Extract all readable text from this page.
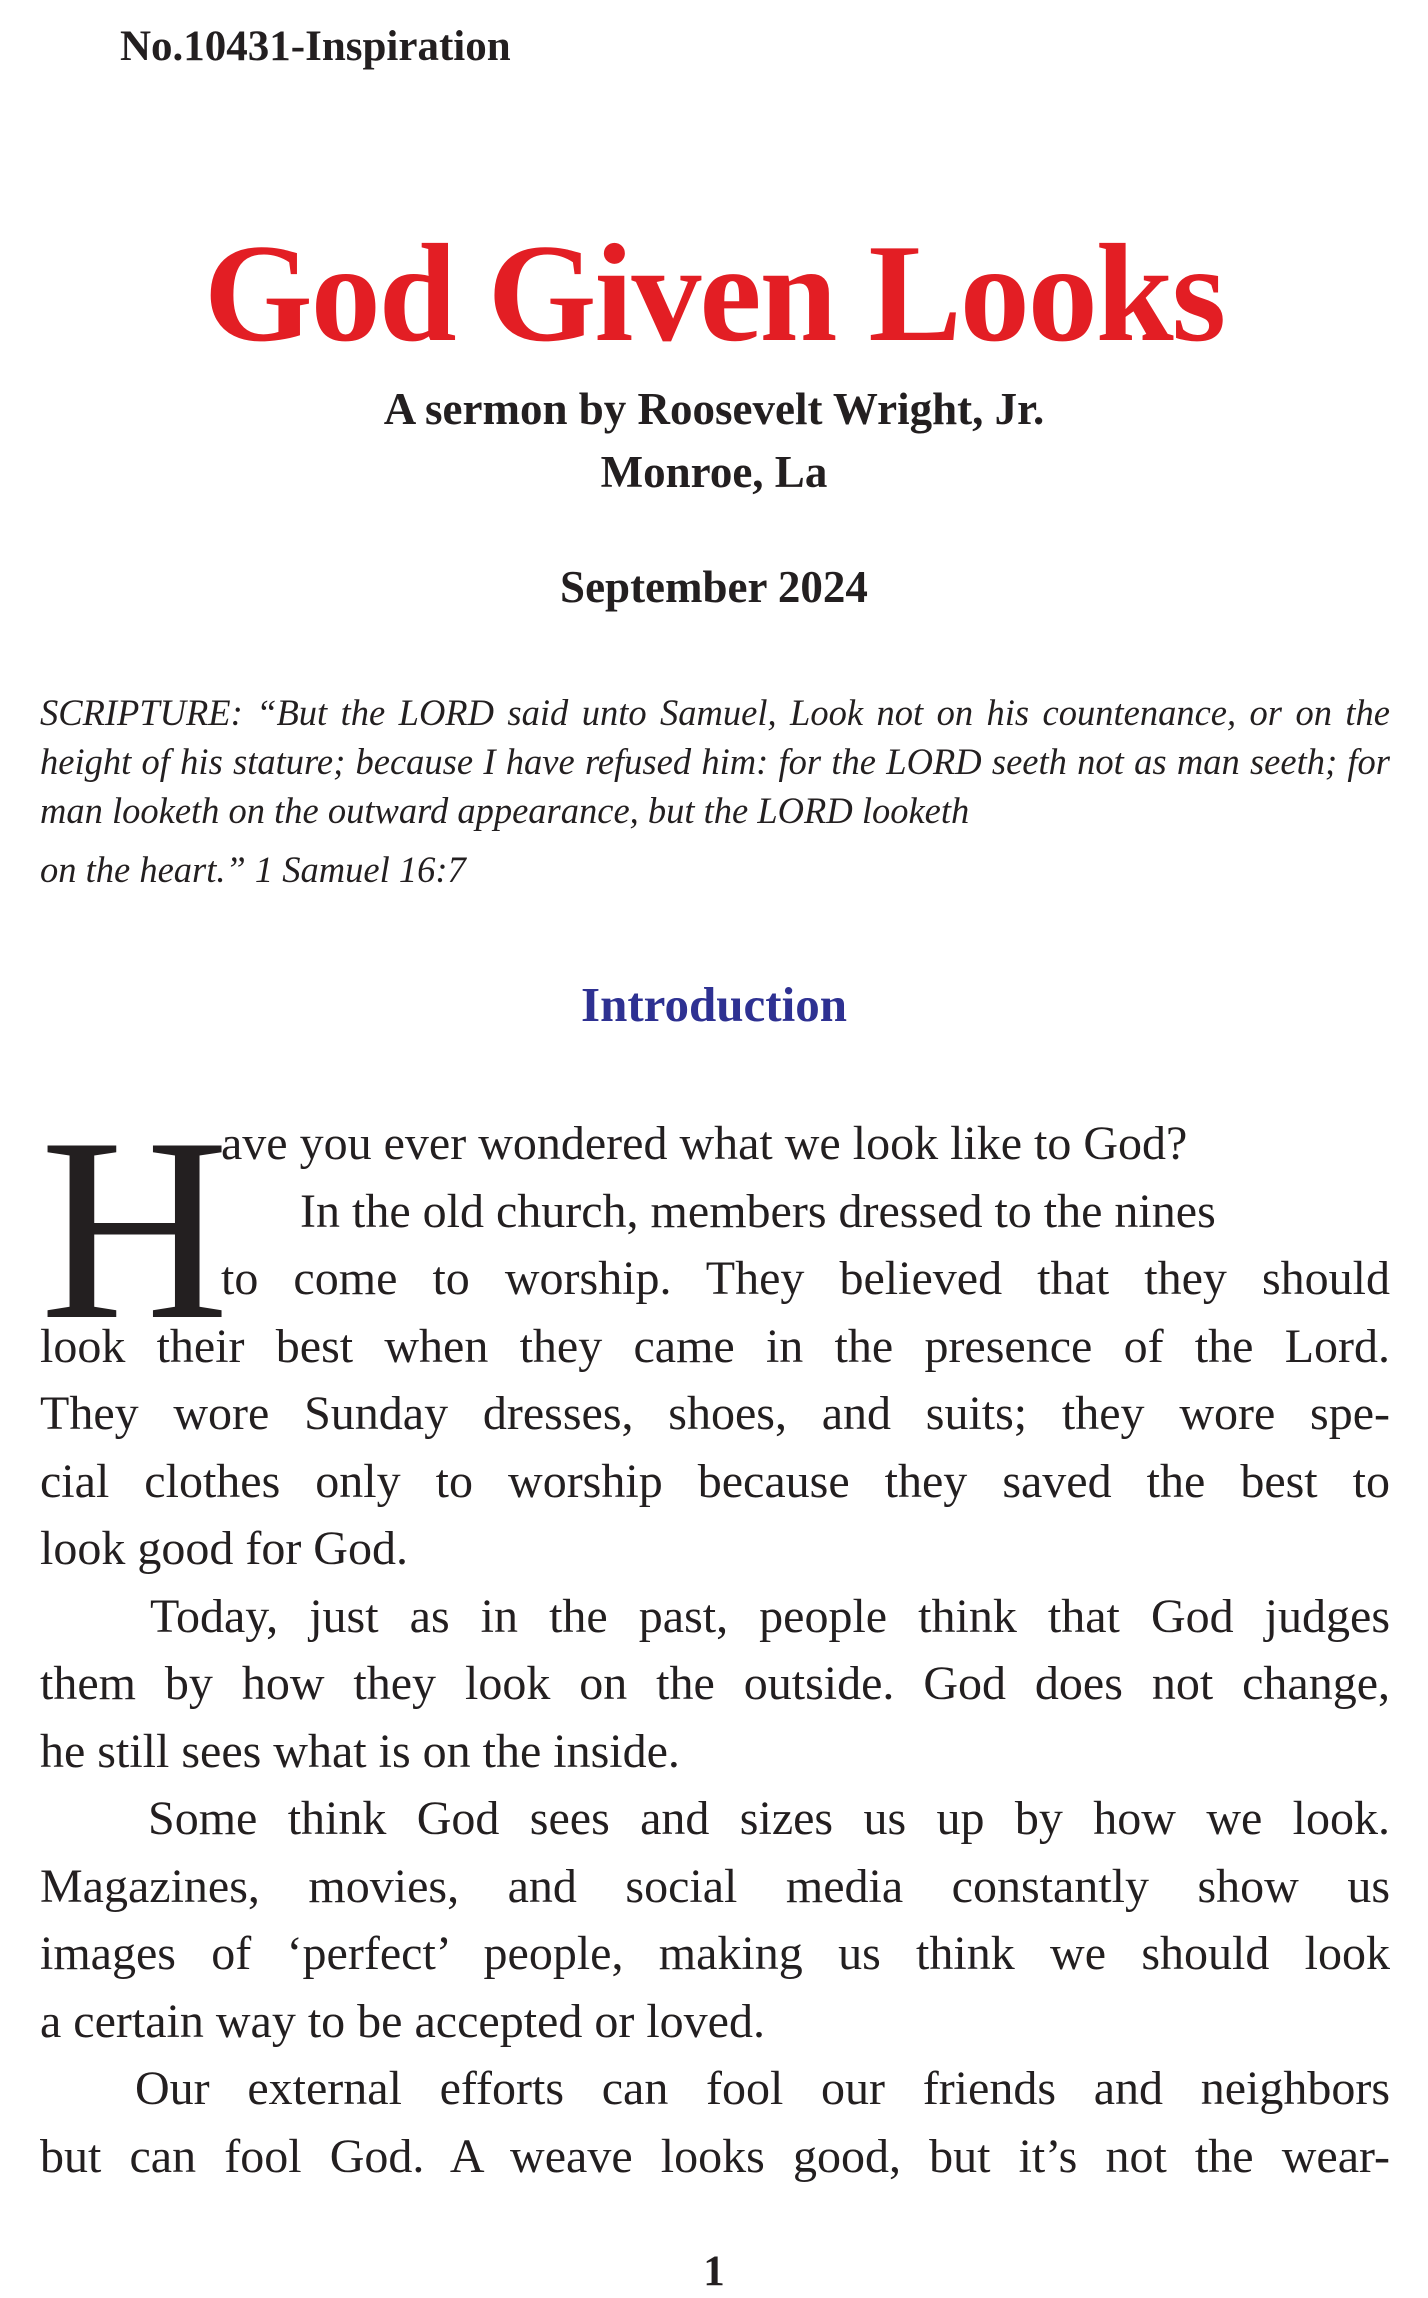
No.10431-Inspiration
God Given Looks
A sermon by Roosevelt Wright, Jr.
Monroe, La
September 2024
SCRIPTURE: “But the LORD said unto Samuel, Look not on his countenance, or on the height of his stature; because I have refused him: for the LORD seeth not as man seeth; for man looketh on the outward appearance, but the LORD looketh
on the heart.” 1 Samuel 16:7
Introduction
H
ave you ever wondered what we look like to God?
In the old church, members dressed to the nines
to come to worship. They believed that they should
look their best when they came in the presence of the Lord.
They wore Sunday dresses, shoes, and suits; they wore spe-
cial clothes only to worship because they saved the best to
look good for God.
Today, just as in the past, people think that God judges
them by how they look on the outside. God does not change,
he still sees what is on the inside.
Some think God sees and sizes us up by how we look.
Magazines, movies, and social media constantly show us
images of ‘perfect’ people, making us think we should look
a certain way to be accepted or loved.
Our external efforts can fool our friends and neighbors
but can fool God. A weave looks good, but it’s not the wear-
1
